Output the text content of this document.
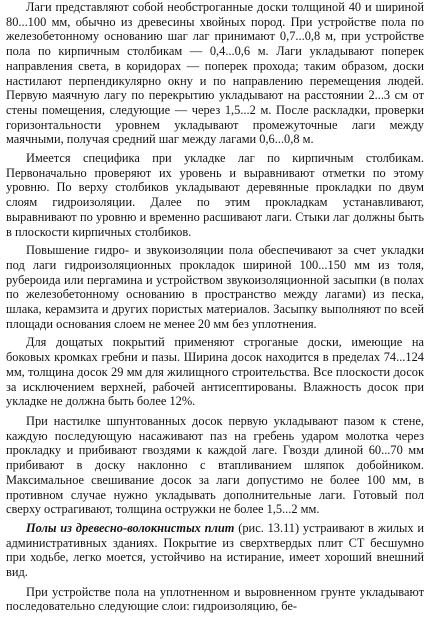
Лаги представляют собой необстроганные доски толщиной 40 и шириной 80...100 мм, обычно из древесины хвойных пород. При устройстве пола по железобетонному основанию шаг лаг принимают 0,7...0,8 м, при устройстве пола по кирпичным столбикам — 0,4...0,6 м. Лаги укладывают поперек направления света, в коридорах — поперек прохода; таким образом, доски настилают перпендикулярно окну и по направлению перемещения людей. Первую маячную лагу по перекрытию укладывают на расстоянии 2...3 см от стены помещения, следующие — через 1,5...2 м. После раскладки, проверки горизонтальности уровнем укладывают промежуточные лаги между маячными, получая средний шаг между лагами 0,6...0,8 м.

Имеется специфика при укладке лаг по кирпичным столбикам. Первоначально проверяют их уровень и выравнивают отметки по этому уровню. По верху столбиков укладывают деревянные прокладки по двум слоям гидроизоляции. Далее по этим прокладкам устанавливают, выравнивают по уровню и временно расшивают лаги. Стыки лаг должны быть в плоскости кирпичных столбиков.

Повышение гидро- и звукоизоляции пола обеспечивают за счет укладки под лаги гидроизоляционных прокладок шириной 100...150 мм из толя, рубероида или пергамина и устройством звукоизоляционной засыпки (в полах по железобетонному основанию в пространство между лагами) из песка, шлака, керамзита и других пористых материалов. Засыпку выполняют по всей площади основания слоем не менее 20 мм без уплотнения.

Для дощатых покрытий применяют строганые доски, имеющие на боковых кромках гребни и пазы. Ширина досок находится в пределах 74...124 мм, толщина досок 29 мм для жилищного строительства. Все плоскости досок за исключением верхней, рабочей антисептированы. Влажность досок при укладке не должна быть более 12%.

При настилке шпунтованных досок первую укладывают пазом к стене, каждую последующую насаживают паз на гребень ударом молотка через прокладку и прибивают гвоздями к каждой лаге. Гвозди длиной 60...70 мм прибивают в доску наклонно с втапливанием шляпок добойником. Максимальное свешивание досок за лаги допустимо не более 100 мм, в противном случае нужно укладывать дополнительные лаги. Готовый пол сверху острагивают, толщина остружки не более 1,5...2 мм.

Полы из древесно-волокнистых плит (рис. 13.11) устраивают в жилых и административных зданиях. Покрытие из сверхтвердых плит СТ бесшумно при ходьбе, легко моется, устойчиво на истирание, имеет хороший внешний вид.

При устройстве пола на уплотненном и выровненном грунте укладывают последовательно следующие слои: гидроизоляцию, бе-
